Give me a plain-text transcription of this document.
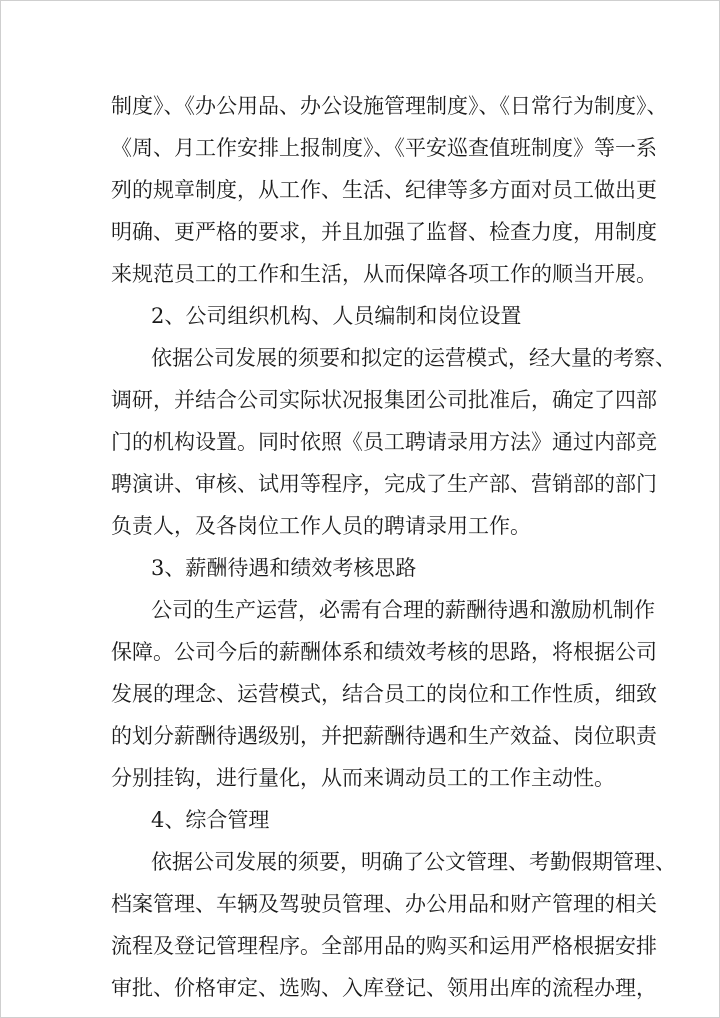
制度》、《办公用品、办公设施管理制度》、《日常行为制度》、
《周、月工作安排上报制度》、《平安巡查值班制度》等一系
列的规章制度，从工作、生活、纪律等多方面对员工做出更
明确、更严格的要求，并且加强了监督、检查力度，用制度
来规范员工的工作和生活，从而保障各项工作的顺当开展。
2、公司组织机构、人员编制和岗位设置
依据公司发展的须要和拟定的运营模式，经大量的考察、
调研，并结合公司实际状况报集团公司批准后，确定了四部
门的机构设置。同时依照《员工聘请录用方法》通过内部竞
聘演讲、审核、试用等程序，完成了生产部、营销部的部门
负责人，及各岗位工作人员的聘请录用工作。
3、薪酬待遇和绩效考核思路
公司的生产运营，必需有合理的薪酬待遇和激励机制作
保障。公司今后的薪酬体系和绩效考核的思路，将根据公司
发展的理念、运营模式，结合员工的岗位和工作性质，细致
的划分薪酬待遇级别，并把薪酬待遇和生产效益、岗位职责
分别挂钩，进行量化，从而来调动员工的工作主动性。
4、综合管理
依据公司发展的须要，明确了公文管理、考勤假期管理、
档案管理、车辆及驾驶员管理、办公用品和财产管理的相关
流程及登记管理程序。全部用品的购买和运用严格根据安排
审批、价格审定、选购、入库登记、领用出库的流程办理，
